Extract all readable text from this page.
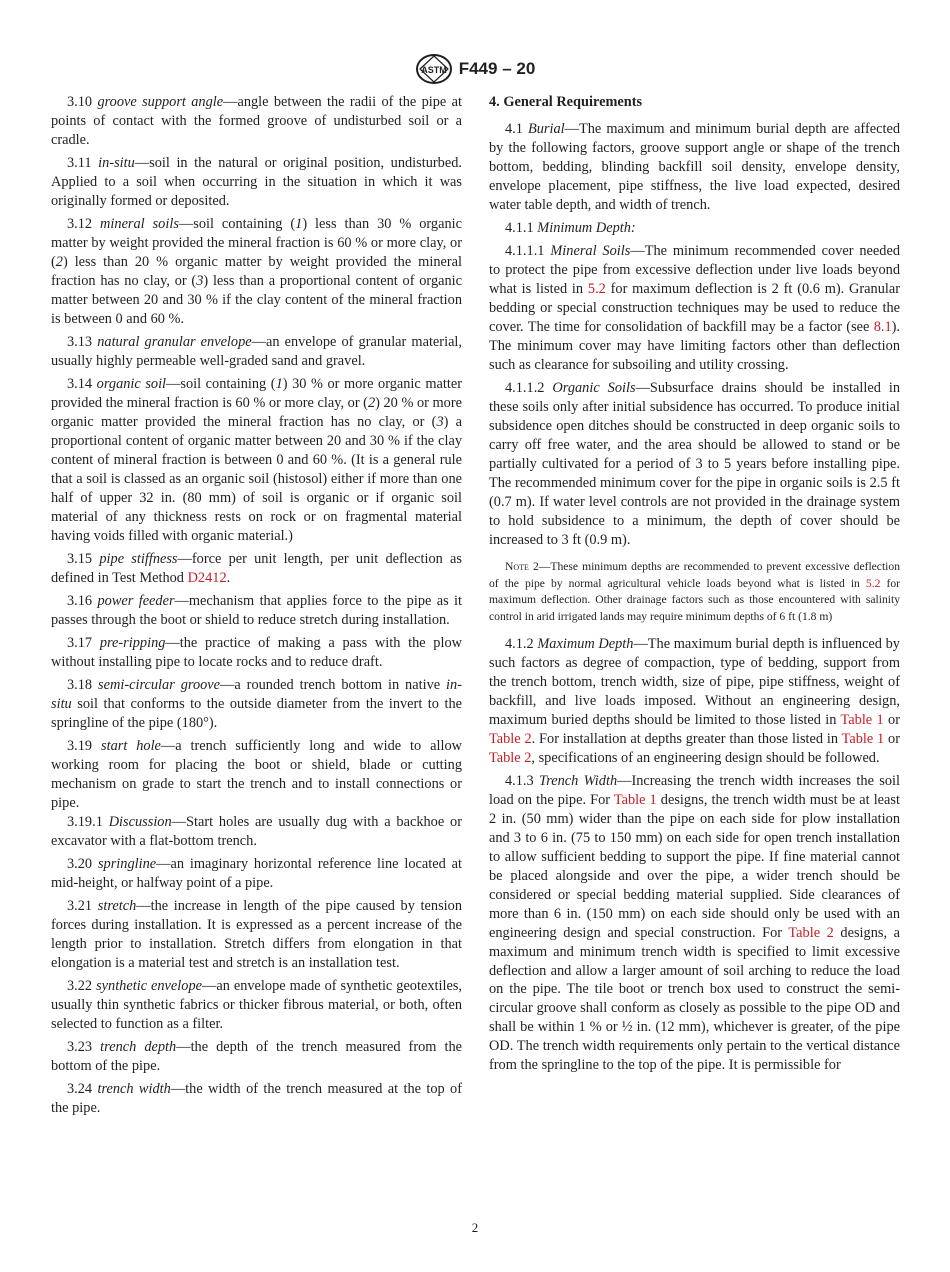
ASTM F449 – 20

3.10 groove support angle—angle between the radii of the pipe at points of contact with the formed groove of undisturbed soil or a cradle.

3.11 in-situ—soil in the natural or original position, undisturbed. Applied to a soil when occurring in the situation in which it was originally formed or deposited.

3.12 mineral soils—soil containing (1) less than 30 % organic matter by weight provided the mineral fraction is 60 % or more clay, or (2) less than 20 % organic matter by weight provided the mineral fraction has no clay, or (3) less than a proportional content of organic matter between 20 and 30 % if the clay content of the mineral fraction is between 0 and 60 %.

3.13 natural granular envelope—an envelope of granular material, usually highly permeable well-graded sand and gravel.

3.14 organic soil—soil containing (1) 30 % or more organic matter provided the mineral fraction is 60 % or more clay, or (2) 20 % or more organic matter provided the mineral fraction has no clay, or (3) a proportional content of organic matter between 20 and 30 % if the clay content of mineral fraction is between 0 and 60 %. (It is a general rule that a soil is classed as an organic soil (histosol) either if more than one half of upper 32 in. (80 mm) of soil is organic or if organic soil material of any thickness rests on rock or on fragmental material having voids filled with organic material.)

3.15 pipe stiffness—force per unit length, per unit deflection as defined in Test Method D2412.

3.16 power feeder—mechanism that applies force to the pipe as it passes through the boot or shield to reduce stretch during installation.

3.17 pre-ripping—the practice of making a pass with the plow without installing pipe to locate rocks and to reduce draft.

3.18 semi-circular groove—a rounded trench bottom in native in-situ soil that conforms to the outside diameter from the invert to the springline of the pipe (180°).

3.19 start hole—a trench sufficiently long and wide to allow working room for placing the boot or shield, blade or cutting mechanism on grade to start the trench and to install connections or pipe.

3.19.1 Discussion—Start holes are usually dug with a backhoe or excavator with a flat-bottom trench.

3.20 springline—an imaginary horizontal reference line located at mid-height, or halfway point of a pipe.

3.21 stretch—the increase in length of the pipe caused by tension forces during installation. It is expressed as a percent increase of the length prior to installation. Stretch differs from elongation in that elongation is a material test and stretch is an installation test.

3.22 synthetic envelope—an envelope made of synthetic geotextiles, usually thin synthetic fabrics or thicker fibrous material, or both, often selected to function as a filter.

3.23 trench depth—the depth of the trench measured from the bottom of the pipe.

3.24 trench width—the width of the trench measured at the top of the pipe.

4. General Requirements

4.1 Burial—The maximum and minimum burial depth are affected by the following factors, groove support angle or shape of the trench bottom, bedding, blinding backfill soil density, envelope density, envelope placement, pipe stiffness, the live load expected, desired water table depth, and width of trench.

4.1.1 Minimum Depth:

4.1.1.1 Mineral Soils—The minimum recommended cover needed to protect the pipe from excessive deflection under live loads beyond what is listed in 5.2 for maximum deflection is 2 ft (0.6 m). Granular bedding or special construction techniques may be used to reduce the cover. The time for consolidation of backfill may be a factor (see 8.1). The minimum cover may have limiting factors other than deflection such as clearance for subsoiling and utility crossing.

4.1.1.2 Organic Soils—Subsurface drains should be installed in these soils only after initial subsidence has occurred. To produce initial subsidence open ditches should be constructed in deep organic soils to carry off free water, and the area should be allowed to stand or be partially cultivated for a period of 3 to 5 years before installing pipe. The recommended minimum cover for the pipe in organic soils is 2.5 ft (0.7 m). If water level controls are not provided in the drainage system to hold subsidence to a minimum, the depth of cover should be increased to 3 ft (0.9 m).

Note 2—These minimum depths are recommended to prevent excessive deflection of the pipe by normal agricultural vehicle loads beyond what is listed in 5.2 for maximum deflection. Other drainage factors such as those encountered with salinity control in arid irrigated lands may require minimum depths of 6 ft (1.8 m)

4.1.2 Maximum Depth—The maximum burial depth is influenced by such factors as degree of compaction, type of bedding, support from the trench bottom, trench width, size of pipe, pipe stiffness, weight of backfill, and live loads imposed. Without an engineering design, maximum buried depths should be limited to those listed in Table 1 or Table 2. For installation at depths greater than those listed in Table 1 or Table 2, specifications of an engineering design should be followed.

4.1.3 Trench Width—Increasing the trench width increases the soil load on the pipe. For Table 1 designs, the trench width must be at least 2 in. (50 mm) wider than the pipe on each side for plow installation and 3 to 6 in. (75 to 150 mm) on each side for open trench installation to allow sufficient bedding to support the pipe. If fine material cannot be placed alongside and over the pipe, a wider trench should be considered or special bedding material supplied. Side clearances of more than 6 in. (150 mm) on each side should only be used with an engineering design and special construction. For Table 2 designs, a maximum and minimum trench width is specified to limit excessive deflection and allow a larger amount of soil arching to reduce the load on the pipe. The tile boot or trench box used to construct the semi-circular groove shall conform as closely as possible to the pipe OD and shall be within 1 % or ½ in. (12 mm), whichever is greater, of the pipe OD. The trench width requirements only pertain to the vertical distance from the springline to the top of the pipe. It is permissible for

2
